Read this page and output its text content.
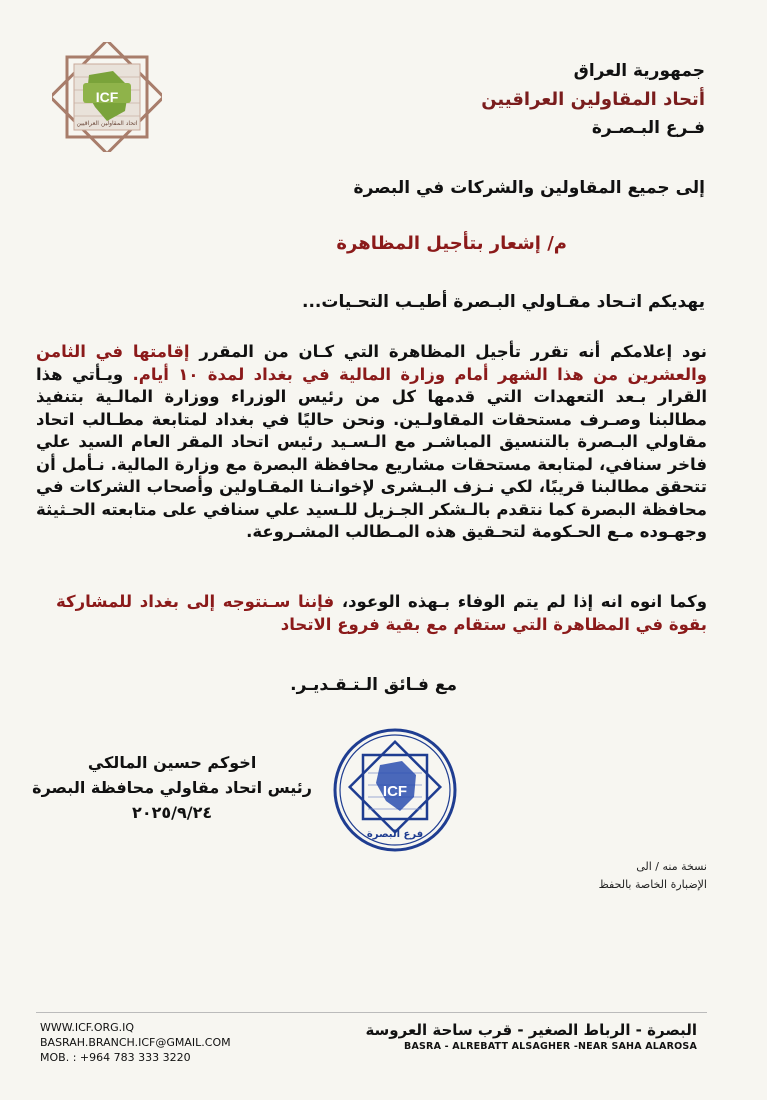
ICF
اتحاد المقاولين العراقيين
جمهورية العراق
أتحاد المقاولين العراقيين
فـرع البـصـرة
إلى جميع المقاولين والشركات في البصرة
م/ إشعار بتأجيل المظاهرة
يهديكم اتـحاد مقـاولي البـصرة أطيـب التحـيات...
نود إعلامكم أنه تقرر تأجيل المظاهرة التي كـان من المقرر إقامتها في الثامن والعشرين من هذا الشهر أمام وزارة المالية في بغداد لمدة ١٠ أيام. ويـأتي هذا القرار بـعد التعهدات التي قدمها كل من رئيس الوزراء ووزارة المالـية بتنفيذ مطالبنا وصـرف مستحقات المقاولـين. ونحن حاليًا في بغداد لمتابعة مطـالب اتحاد مقاولي البـصرة بالتنسيق المباشـر مع الـسـيد رئيس اتحاد المقر العام السيد علي فاخر سنافي، لمتابعة مستحقات مشاريع محافظة البصرة مع وزارة المالية. نـأمل أن تتحقق مطالبنا قريبًا، لكي نـزف البـشرى لإخوانـنا المقـاولين وأصحاب الشركات في محافظة البصرة كما نتقدم بالـشكر الجـزيل للـسيد علي سنافي على متابعته الحـثيثة وجهـوده مـع الحـكومة لتحـقيق هذه المـطالب المشـروعة.
وكما انوه انه إذا لم يتم الوفاء بـهذه الوعود، فإننا سـنتوجه إلى بغداد للمشاركة بقوة في المظاهرة التي ستقام مع بقية فروع الاتحاد
مع فـائق الـتـقـديـر.
ICF
فرع البصرة
اخوكم حسين المالكي
رئيس اتحاد مقاولي محافظة البصرة
٢٠٢٥/٩/٢٤
نسخة منه / الى
الإضبارة الخاصة بالحفظ
WWW.ICF.ORG.IQ
BASRAH.BRANCH.ICF@GMAIL.COM
MOB. : +964 783 333 3220
البصرة - الرباط الصغير - قرب ساحة العروسة
BASRA - ALREBATT ALSAGHER -NEAR SAHA ALAROSA
